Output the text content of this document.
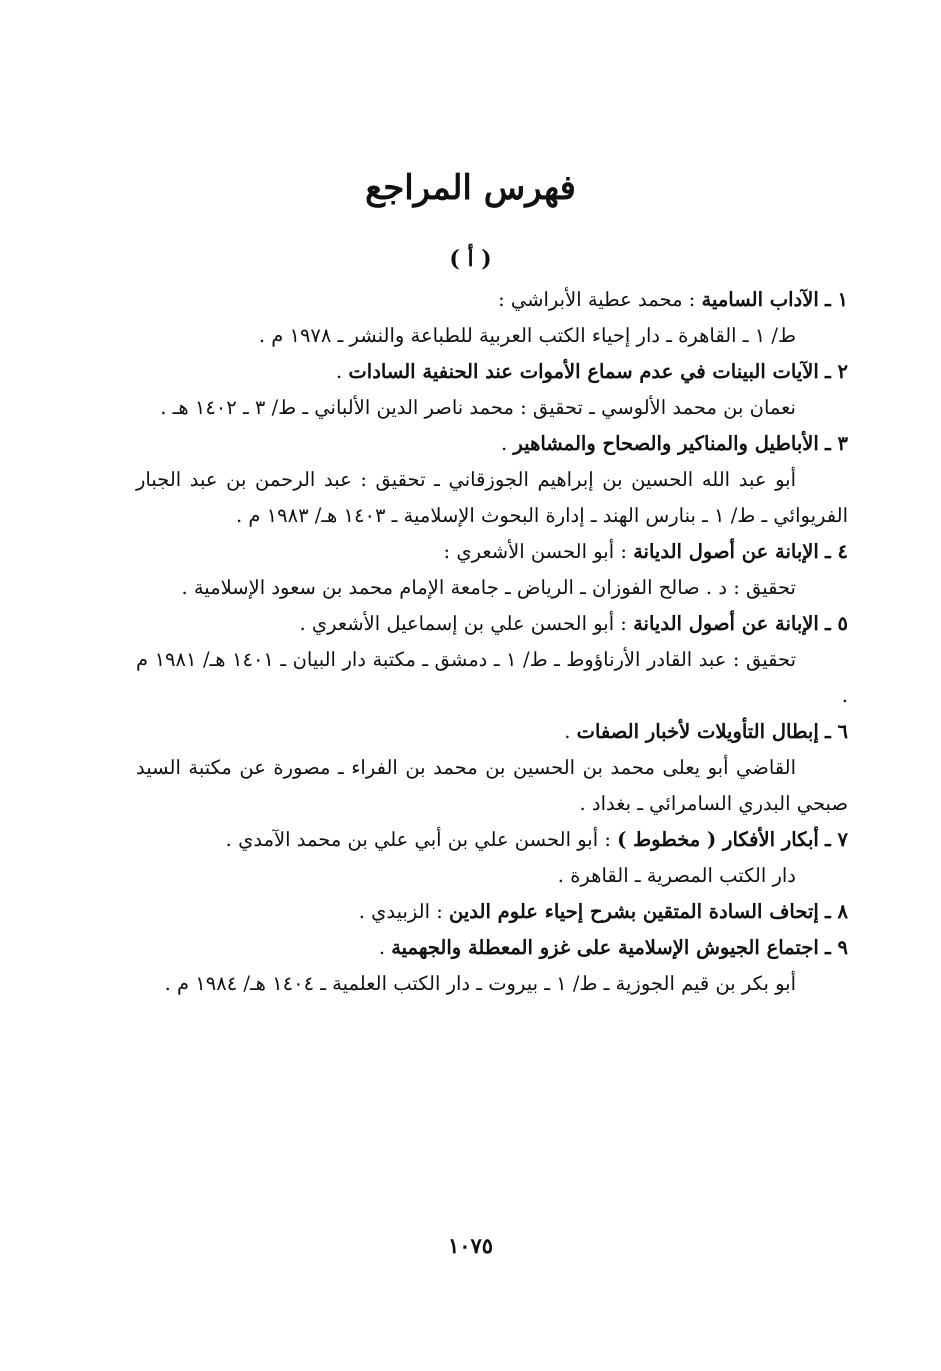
فهرس المراجع
( أ )
١ ـ الآداب السامية : محمد عطية الأبراشي :
ط/ ١ ـ القاهرة ـ دار إحياء الكتب العربية للطباعة والنشر ـ ١٩٧٨ م .
٢ ـ الآيات البينات في عدم سماع الأموات عند الحنفية السادات .
نعمان بن محمد الألوسي ـ تحقيق : محمد ناصر الدين الألباني ـ ط/ ٣ ـ ١٤٠٢ هـ .
٣ ـ الأباطيل والمناكير والصحاح والمشاهير .
أبو عبد الله الحسين بن إبراهيم الجوزقاني ـ تحقيق : عبد الرحمن بن عبد الجبار الفريوائي ـ ط/ ١ ـ بنارس الهند ـ إدارة البحوث الإسلامية ـ ١٤٠٣ هـ/ ١٩٨٣ م .
٤ ـ الإبانة عن أصول الديانة : أبو الحسن الأشعري :
تحقيق : د . صالح الفوزان ـ الرياض ـ جامعة الإمام محمد بن سعود الإسلامية .
٥ ـ الإبانة عن أصول الديانة : أبو الحسن علي بن إسماعيل الأشعري .
تحقيق : عبد القادر الأرناؤوط ـ ط/ ١ ـ دمشق ـ مكتبة دار البيان ـ ١٤٠١ هـ/ ١٩٨١ م .
٦ ـ إبطال التأويلات لأخبار الصفات .
القاضي أبو يعلى محمد بن الحسين بن محمد بن الفراء ـ مصورة عن مكتبة السيد صبحي البدري السامرائي ـ بغداد .
٧ ـ أبكار الأفكار ( مخطوط ) : أبو الحسن علي بن أبي علي بن محمد الآمدي .
دار الكتب المصرية ـ القاهرة .
٨ ـ إتحاف السادة المتقين بشرح إحياء علوم الدين : الزبيدي .
٩ ـ اجتماع الجيوش الإسلامية على غزو المعطلة والجهمية .
أبو بكر بن قيم الجوزية ـ ط/ ١ ـ بيروت ـ دار الكتب العلمية ـ ١٤٠٤ هـ/ ١٩٨٤ م .
١٠٧٥
